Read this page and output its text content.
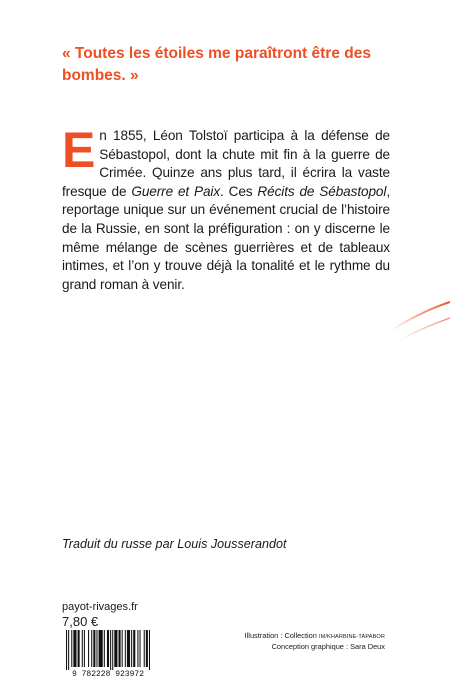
« Toutes les étoiles me paraîtront être des bombes. »

En 1855, Léon Tolstoï participa à la défense de Sébastopol, dont la chute mit fin à la guerre de Crimée. Quinze ans plus tard, il écrira la vaste fresque de Guerre et Paix. Ces Récits de Sébastopol, reportage unique sur un événement crucial de l’histoire de la Russie, en sont la préfiguration : on y discerne le même mélange de scènes guerrières et de tableaux intimes, et l’on y trouve déjà la tonalité et le rythme du grand roman à venir.

Traduit du russe par Louis Jousserandot

payot-rivages.fr

7,80 €

9 782228 923972

Illustration : Collection IM/KHARBINE-TAPABOR
Conception graphique : Sara Deux
